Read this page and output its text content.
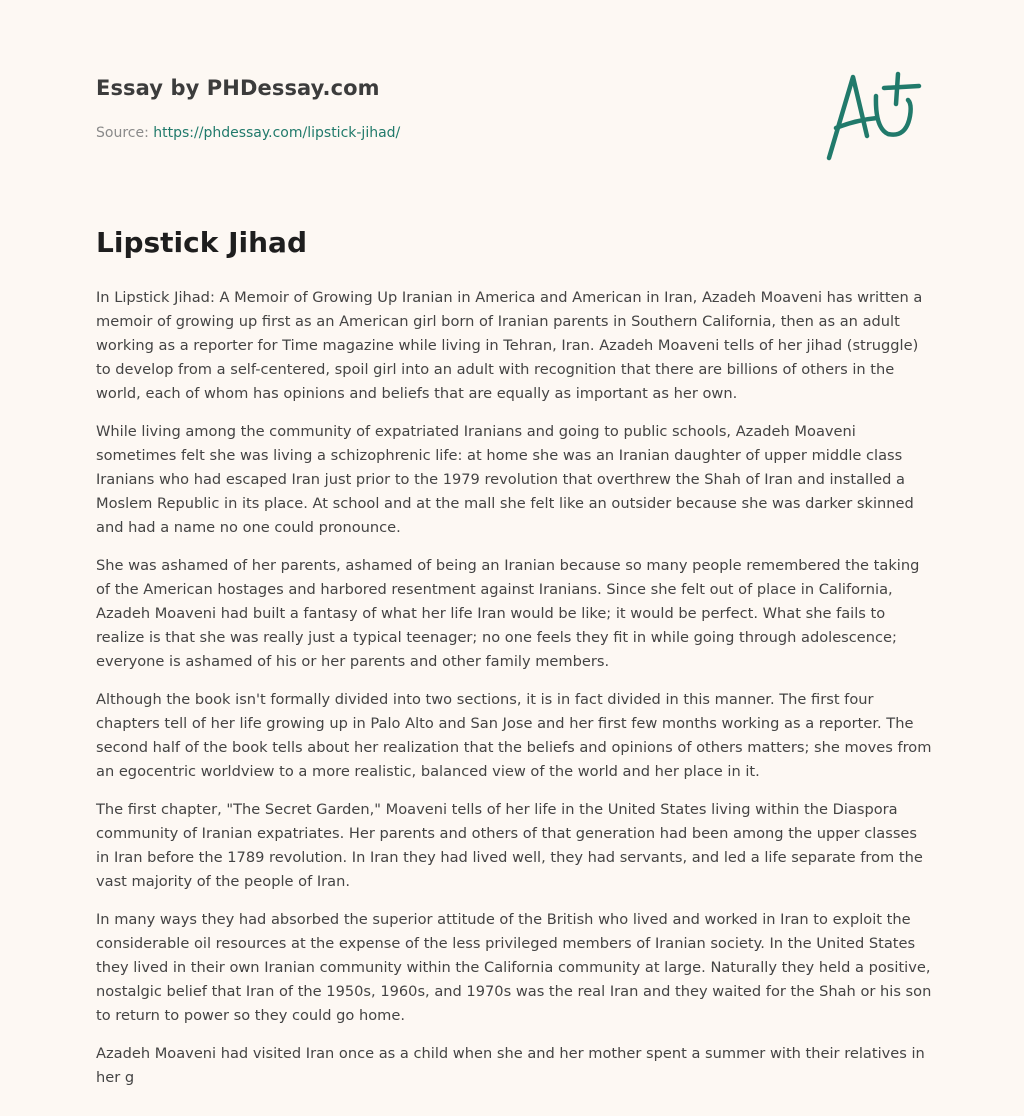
Essay by PHDessay.com
Source: https://phdessay.com/lipstick-jihad/
Lipstick Jihad

In Lipstick Jihad: A Memoir of Growing Up Iranian in America and American in Iran, Azadeh Moaveni has written a memoir of growing up first as an American girl born of Iranian parents in Southern California, then as an adult working as a reporter for Time magazine while living in Tehran, Iran. Azadeh Moaveni tells of her jihad (struggle) to develop from a self-centered, spoil girl into an adult with recognition that there are billions of others in the world, each of whom has opinions and beliefs that are equally as important as her own.

While living among the community of expatriated Iranians and going to public schools, Azadeh Moaveni sometimes felt she was living a schizophrenic life: at home she was an Iranian daughter of upper middle class Iranians who had escaped Iran just prior to the 1979 revolution that overthrew the Shah of Iran and installed a Moslem Republic in its place. At school and at the mall she felt like an outsider because she was darker skinned and had a name no one could pronounce.

She was ashamed of her parents, ashamed of being an Iranian because so many people remembered the taking of the American hostages and harbored resentment against Iranians. Since she felt out of place in California, Azadeh Moaveni had built a fantasy of what her life Iran would be like; it would be perfect. What she fails to realize is that she was really just a typical teenager; no one feels they fit in while going through adolescence; everyone is ashamed of his or her parents and other family members.

Although the book isn't formally divided into two sections, it is in fact divided in this manner. The first four chapters tell of her life growing up in Palo Alto and San Jose and her first few months working as a reporter. The second half of the book tells about her realization that the beliefs and opinions of others matters; she moves from an egocentric worldview to a more realistic, balanced view of the world and her place in it.

The first chapter, "The Secret Garden," Moaveni tells of her life in the United States living within the Diaspora community of Iranian expatriates. Her parents and others of that generation had been among the upper classes in Iran before the 1789 revolution. In Iran they had lived well, they had servants, and led a life separate from the vast majority of the people of Iran.

In many ways they had absorbed the superior attitude of the British who lived and worked in Iran to exploit the considerable oil resources at the expense of the less privileged members of Iranian society. In the United States they lived in their own Iranian community within the California community at large. Naturally they held a positive, nostalgic belief that Iran of the 1950s, 1960s, and 1970s was the real Iran and they waited for the Shah or his son to return to power so they could go home.

Azadeh Moaveni had visited Iran once as a child when she and her mother spent a summer with their relatives in her g
